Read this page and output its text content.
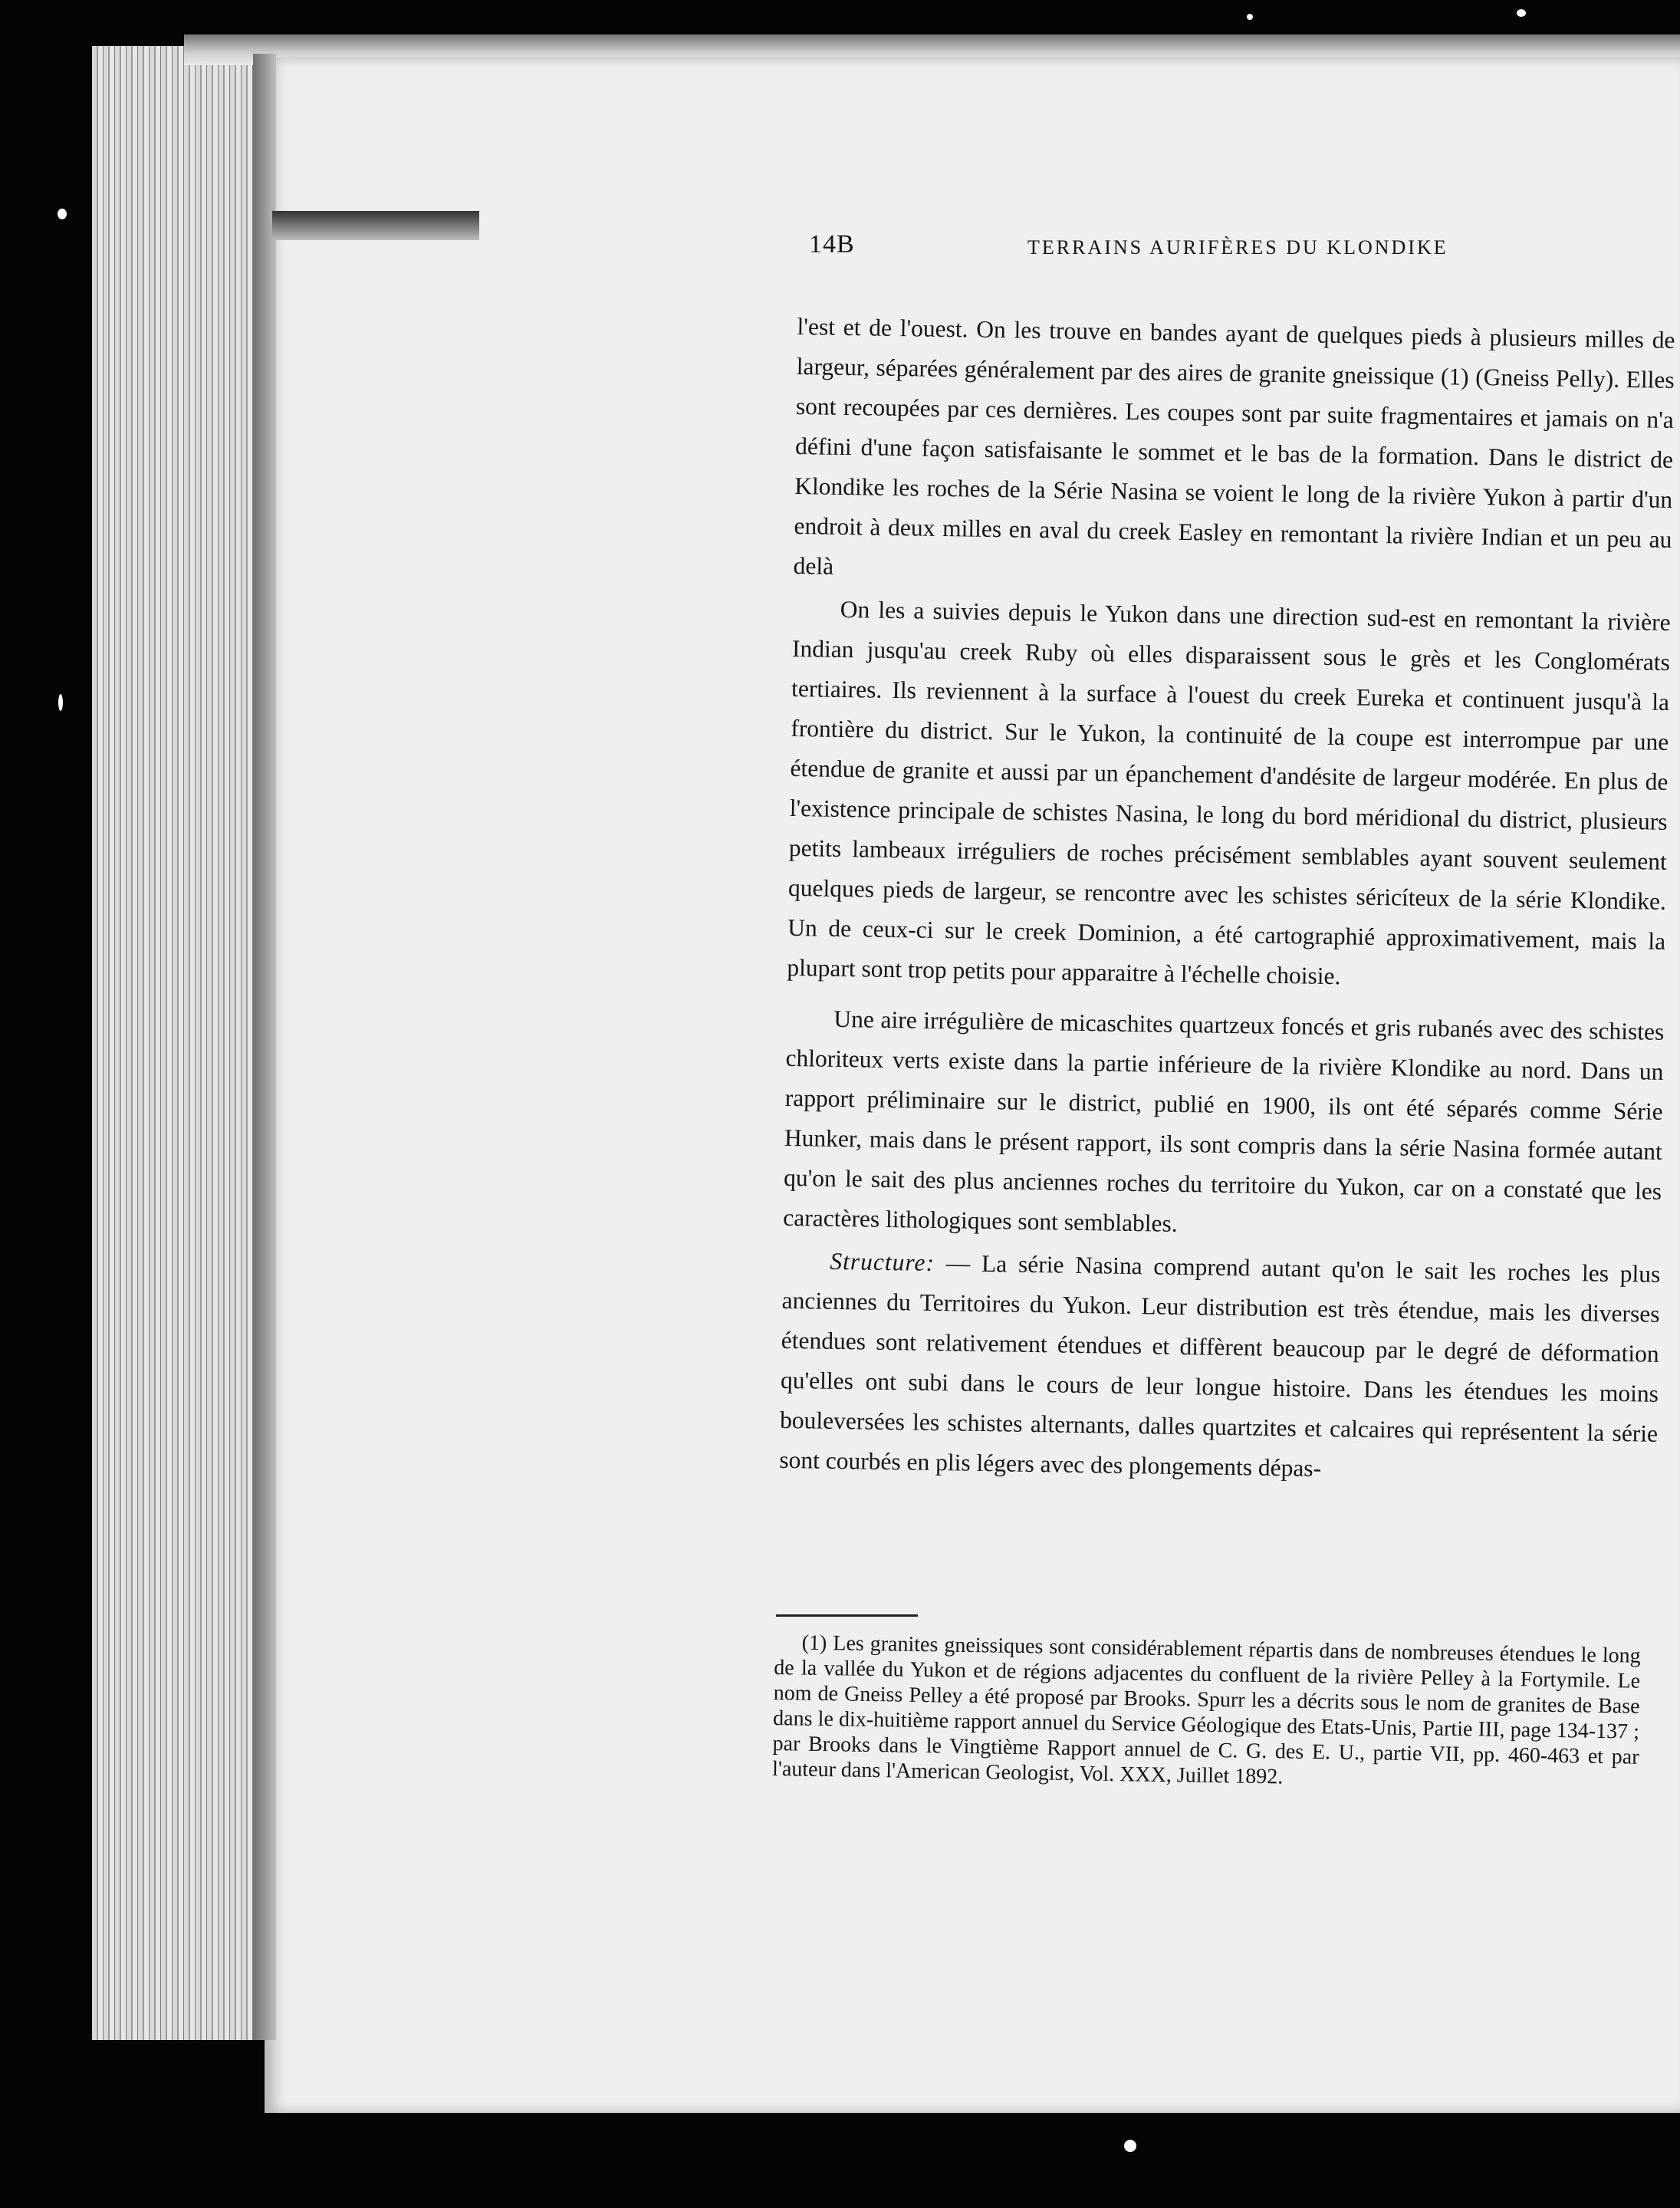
14B	TERRAINS AURIFÈRES DU KLONDIKE

l'est et de l'ouest. On les trouve en bandes ayant de quelques pieds à plusieurs milles de largeur, séparées généralement par des aires de granite gneissique (1) (Gneiss Pelly). Elles sont recoupées par ces dernières. Les coupes sont par suite fragmentaires et jamais on n'a défini d'une façon satisfaisante le sommet et le bas de la formation. Dans le district de Klondike les roches de la Série Nasina se voient le long de la rivière Yukon à partir d'un endroit à deux milles en aval du creek Easley en remontant la rivière Indian et un peu au delà

On les a suivies depuis le Yukon dans une direction sud-est en remontant la rivière Indian jusqu'au creek Ruby où elles disparaissent sous le grès et les Conglomérats tertiaires. Ils reviennent à la surface à l'ouest du creek Eureka et continuent jusqu'à la frontière du district. Sur le Yukon, la continuité de la coupe est interrompue par une étendue de granite et aussi par un épanchement d'andésite de largeur modérée. En plus de l'existence principale de schistes Nasina, le long du bord méridional du district, plusieurs petits lambeaux irréguliers de roches précisément semblables ayant souvent seulement quelques pieds de largeur, se rencontre avec les schistes séricíteux de la série Klondike. Un de ceux-ci sur le creek Dominion, a été cartographié approximativement, mais la plupart sont trop petits pour apparaitre à l'échelle choisie.

Une aire irrégulière de micaschites quartzeux foncés et gris rubanés avec des schistes chloriteux verts existe dans la partie inférieure de la rivière Klondike au nord. Dans un rapport préliminaire sur le district, publié en 1900, ils ont été séparés comme Série Hunker, mais dans le présent rapport, ils sont compris dans la série Nasina formée autant qu'on le sait des plus anciennes roches du territoire du Yukon, car on a constaté que les caractères lithologiques sont semblables.

Structure: — La série Nasina comprend autant qu'on le sait les roches les plus anciennes du Territoires du Yukon. Leur distribution est très étendue, mais les diverses étendues sont relativement étendues et diffèrent beaucoup par le degré de déformation qu'elles ont subi dans le cours de leur longue histoire. Dans les étendues les moins bouleversées les schistes alternants, dalles quartzites et calcaires qui représentent la série sont courbés en plis légers avec des plongements dépas-

(1) Les granites gneissiques sont considérablement répartis dans de nombreuses étendues le long de la vallée du Yukon et de régions adjacentes du confluent de la rivière Pelley à la Fortymile. Le nom de Gneiss Pelley a été proposé par Brooks. Spurr les a décrits sous le nom de granites de Base dans le dix-huitième rapport annuel du Service Géologique des Etats-Unis, Partie III, page 134-137 ; par Brooks dans le Vingtième Rapport annuel de C. G. des E. U., partie VII, pp. 460-463 et par l'auteur dans l'American Geologist, Vol. XXX, Juillet 1892.
